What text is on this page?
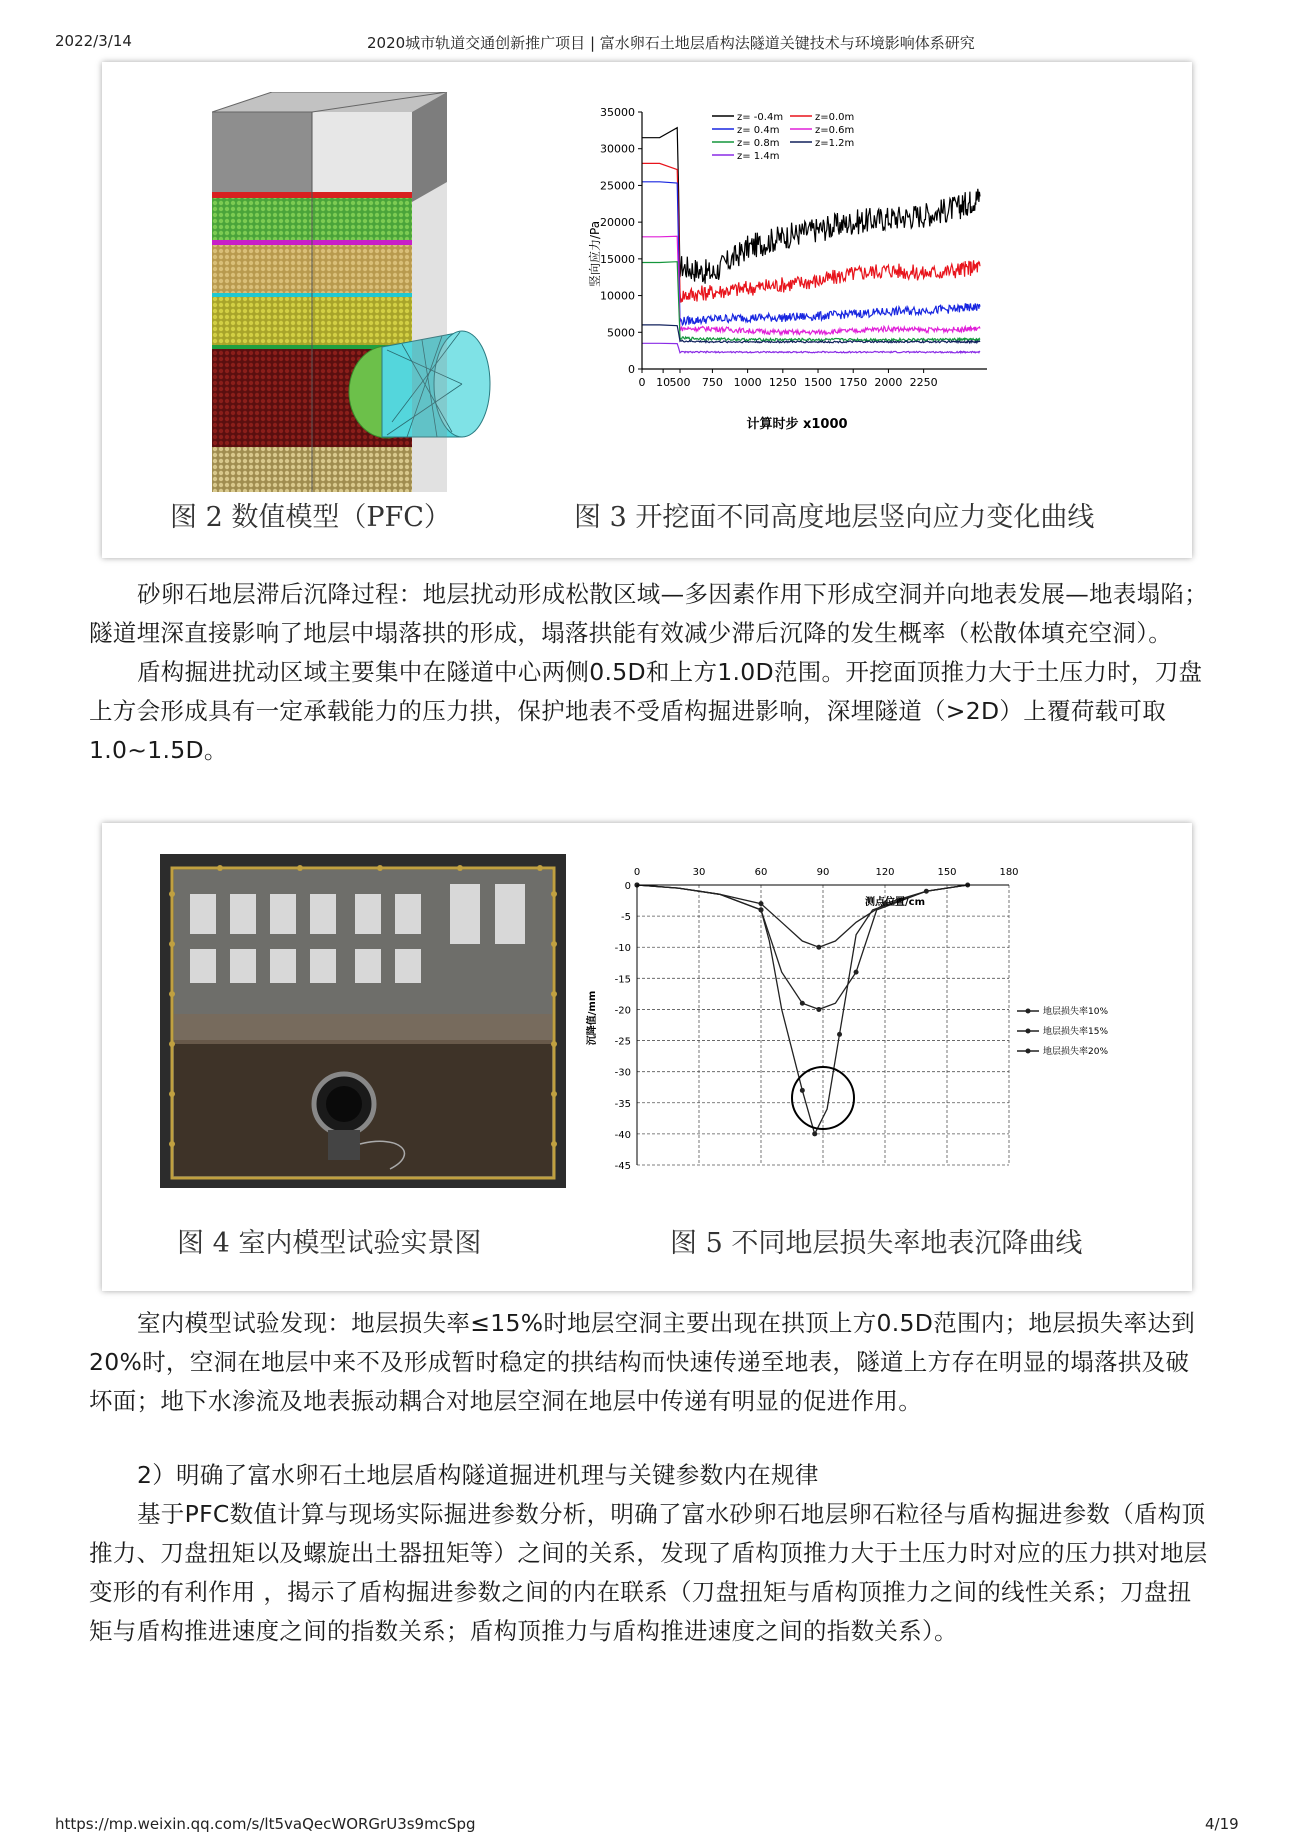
2022/3/14	2020城市轨道交通创新推广项目 | 富水卵石土地层盾构法隧道关键技术与环境影响体系研究
35000
30000
25000
20000
15000
10000
5000
0
0 10 500 750 1000 1250 1500 1750 2000 2250
z= -0.4m	z=0.0m
z= 0.4m	z=0.6m
z= 0.8m	z=1.2m
z= 1.4m
竖向应力/Pa
计算时步 x1000
图 2 数值模型（PFC）	图 3 开挖面不同高度地层竖向应力变化曲线

砂卵石地层滞后沉降过程：地层扰动形成松散区域—多因素作用下形成空洞并向地表发展—地表塌陷；隧道埋深直接影响了地层中塌落拱的形成，塌落拱能有效减少滞后沉降的发生概率（松散体填充空洞）。

盾构掘进扰动区域主要集中在隧道中心两侧0.5D和上方1.0D范围。开挖面顶推力大于土压力时，刀盘上方会形成具有一定承载能力的压力拱，保护地表不受盾构掘进影响，深埋隧道（>2D）上覆荷载可取1.0~1.5D。

0	30	60	90	120	150	180
0
-5
-10
-15
-20
-25
-30
-35
-40
-45
地层损失率10%
地层损失率15%
地层损失率20%
测点位置/cm
沉降值/mm
图 4 室内模型试验实景图	图 5 不同地层损失率地表沉降曲线

室内模型试验发现：地层损失率≤15%时地层空洞主要出现在拱顶上方0.5D范围内；地层损失率达到20%时，空洞在地层中来不及形成暂时稳定的拱结构而快速传递至地表，隧道上方存在明显的塌落拱及破坏面；地下水渗流及地表振动耦合对地层空洞在地层中传递有明显的促进作用。

2）明确了富水卵石土地层盾构隧道掘进机理与关键参数内在规律

基于PFC数值计算与现场实际掘进参数分析，明确了富水砂卵石地层卵石粒径与盾构掘进参数（盾构顶推力、刀盘扭矩以及螺旋出土器扭矩等）之间的关系，发现了盾构顶推力大于土压力时对应的压力拱对地层变形的有利作用 ，揭示了盾构掘进参数之间的内在联系（刀盘扭矩与盾构顶推力之间的线性关系；刀盘扭矩与盾构推进速度之间的指数关系；盾构顶推力与盾构推进速度之间的指数关系）。

https://mp.weixin.qq.com/s/lt5vaQecWORGrU3s9mcSpg	4/19
